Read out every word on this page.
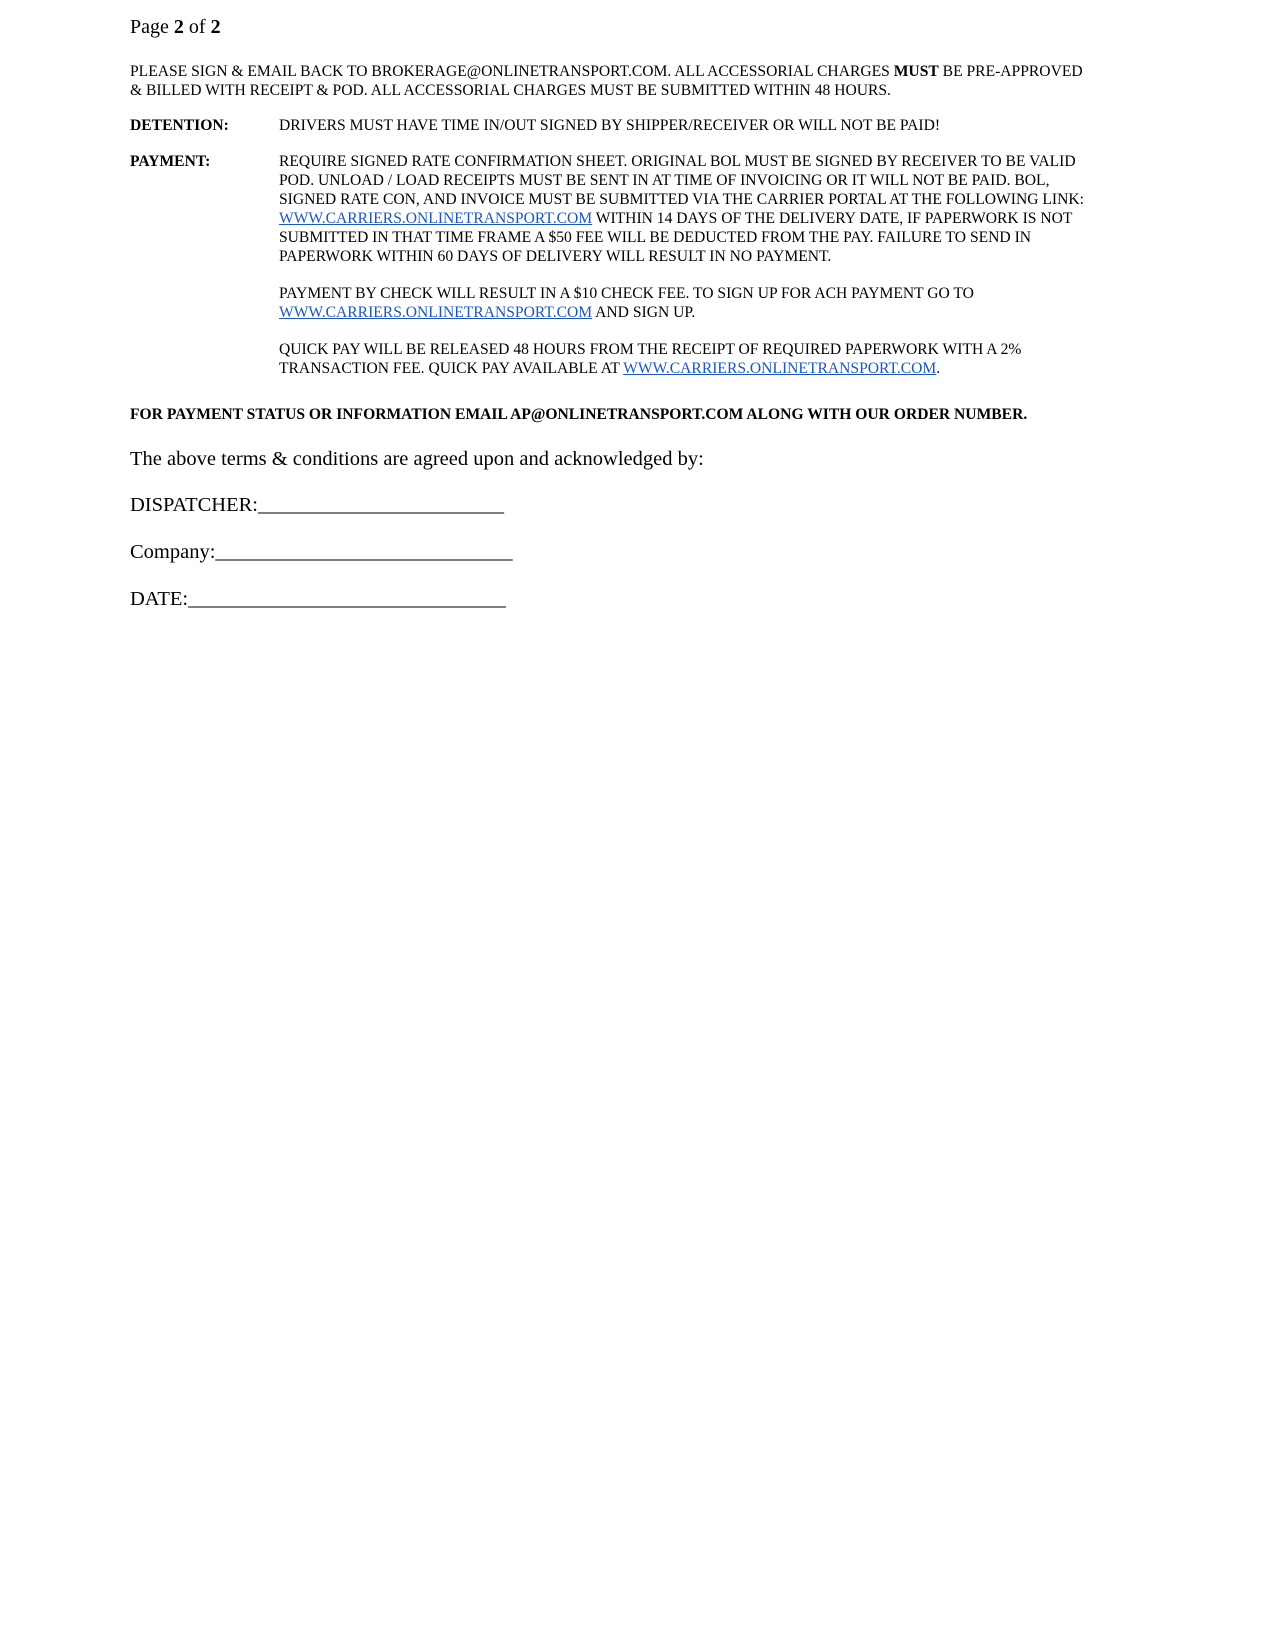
Page 2 of 2
PLEASE SIGN & EMAIL BACK TO BROKERAGE@ONLINETRANSPORT.COM. ALL ACCESSORIAL CHARGES MUST BE PRE-APPROVED
& BILLED WITH RECEIPT & POD. ALL ACCESSORIAL CHARGES MUST BE SUBMITTED WITHIN 48 HOURS.
DETENTION:	DRIVERS MUST HAVE TIME IN/OUT SIGNED BY SHIPPER/RECEIVER OR WILL NOT BE PAID!
PAYMENT:	REQUIRE SIGNED RATE CONFIRMATION SHEET. ORIGINAL BOL MUST BE SIGNED BY RECEIVER TO BE VALID
POD. UNLOAD / LOAD RECEIPTS MUST BE SENT IN AT TIME OF INVOICING OR IT WILL NOT BE PAID. BOL,
SIGNED RATE CON, AND INVOICE MUST BE SUBMITTED VIA THE CARRIER PORTAL AT THE FOLLOWING LINK:
WWW.CARRIERS.ONLINETRANSPORT.COM WITHIN 14 DAYS OF THE DELIVERY DATE, IF PAPERWORK IS NOT
SUBMITTED IN THAT TIME FRAME A $50 FEE WILL BE DEDUCTED FROM THE PAY. FAILURE TO SEND IN
PAPERWORK WITHIN 60 DAYS OF DELIVERY WILL RESULT IN NO PAYMENT.
PAYMENT BY CHECK WILL RESULT IN A $10 CHECK FEE. TO SIGN UP FOR ACH PAYMENT GO TO
WWW.CARRIERS.ONLINETRANSPORT.COM AND SIGN UP.
QUICK PAY WILL BE RELEASED 48 HOURS FROM THE RECEIPT OF REQUIRED PAPERWORK WITH A 2%
TRANSACTION FEE. QUICK PAY AVAILABLE AT WWW.CARRIERS.ONLINETRANSPORT.COM.
FOR PAYMENT STATUS OR INFORMATION EMAIL AP@ONLINETRANSPORT.COM ALONG WITH OUR ORDER NUMBER.
The above terms & conditions are agreed upon and acknowledged by:
DISPATCHER:________________________
Company:_____________________________
DATE:_______________________________
